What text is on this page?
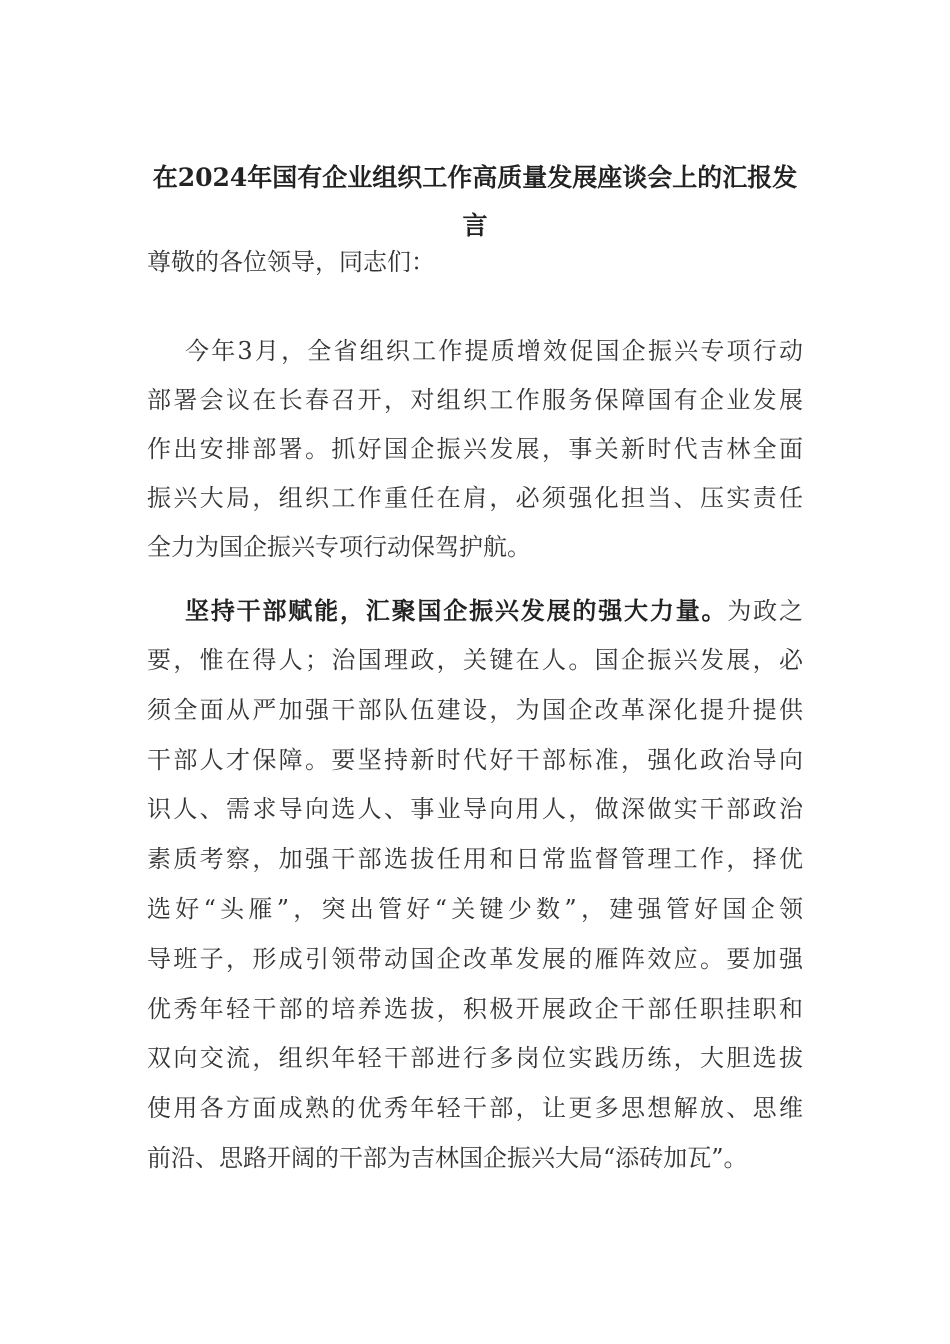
在2024年国有企业组织工作高质量发展座谈会上的汇报发
言
尊敬的各位领导，同志们：
今年3月，全省组织工作提质增效促国企振兴专项行动
部署会议在长春召开，对组织工作服务保障国有企业发展
作出安排部署。抓好国企振兴发展，事关新时代吉林全面
振兴大局，组织工作重任在肩，必须强化担当、压实责任
全力为国企振兴专项行动保驾护航。
坚持干部赋能，汇聚国企振兴发展的强大力量。为政之
要，惟在得人；治国理政，关键在人。国企振兴发展，必
须全面从严加强干部队伍建设，为国企改革深化提升提供
干部人才保障。要坚持新时代好干部标准，强化政治导向
识人、需求导向选人、事业导向用人，做深做实干部政治
素质考察，加强干部选拔任用和日常监督管理工作，择优
选好“头雁”，突出管好“关键少数”，建强管好国企领
导班子，形成引领带动国企改革发展的雁阵效应。要加强
优秀年轻干部的培养选拔，积极开展政企干部任职挂职和
双向交流，组织年轻干部进行多岗位实践历练，大胆选拔
使用各方面成熟的优秀年轻干部，让更多思想解放、思维
前沿、思路开阔的干部为吉林国企振兴大局“添砖加瓦”。
